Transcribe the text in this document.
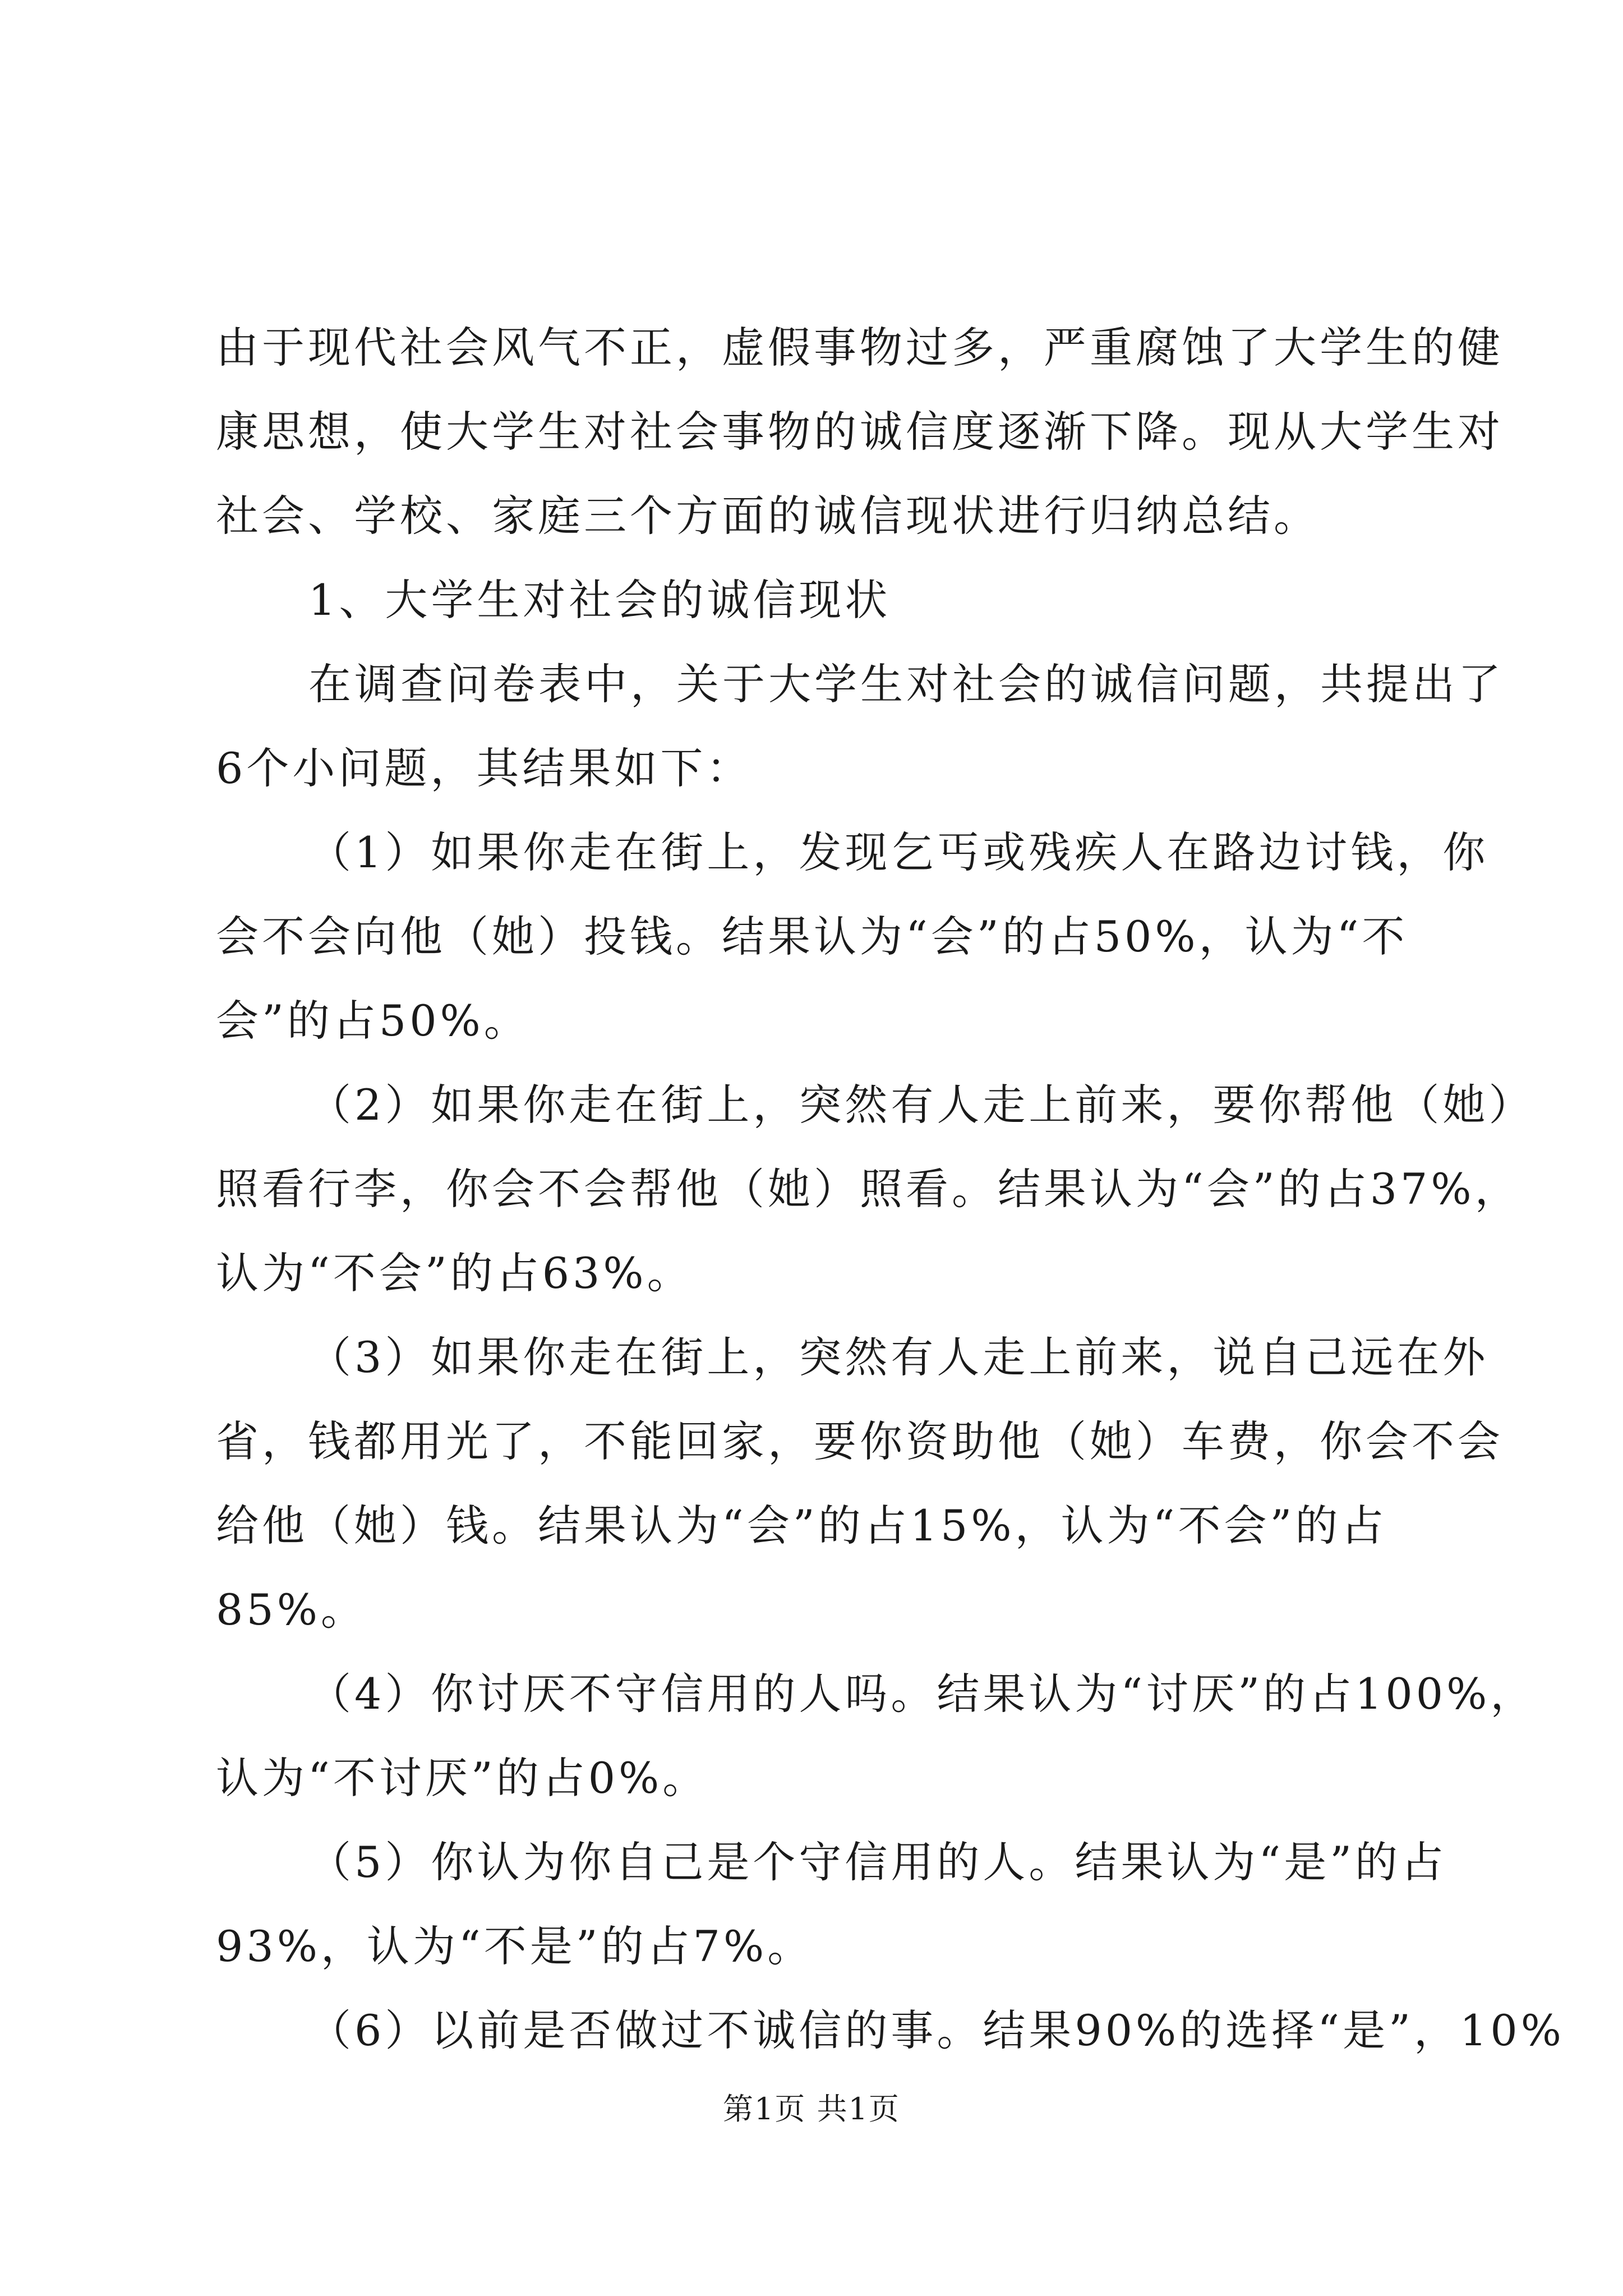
由于现代社会风气不正，虚假事物过多，严重腐蚀了大学生的健
康思想，使大学生对社会事物的诚信度逐渐下降。现从大学生对
社会、学校、家庭三个方面的诚信现状进行归纳总结。
1、大学生对社会的诚信现状
在调查问卷表中，关于大学生对社会的诚信问题，共提出了
6个小问题，其结果如下：
（1）如果你走在街上，发现乞丐或残疾人在路边讨钱，你
会不会向他（她）投钱。结果认为“会”的占50%，认为“不
会”的占50%。
（2）如果你走在街上，突然有人走上前来，要你帮他（她）
照看行李，你会不会帮他（她）照看。结果认为“会”的占37%，
认为“不会”的占63%。
（3）如果你走在街上，突然有人走上前来，说自己远在外
省，钱都用光了，不能回家，要你资助他（她）车费，你会不会
给他（她）钱。结果认为“会”的占15%，认为“不会”的占
85%。
（4）你讨厌不守信用的人吗。结果认为“讨厌”的占100%，
认为“不讨厌”的占0%。
（5）你认为你自己是个守信用的人。结果认为“是”的占
93%，认为“不是”的占7%。
（6）以前是否做过不诚信的事。结果90%的选择“是”，10%
第1页 共1页
